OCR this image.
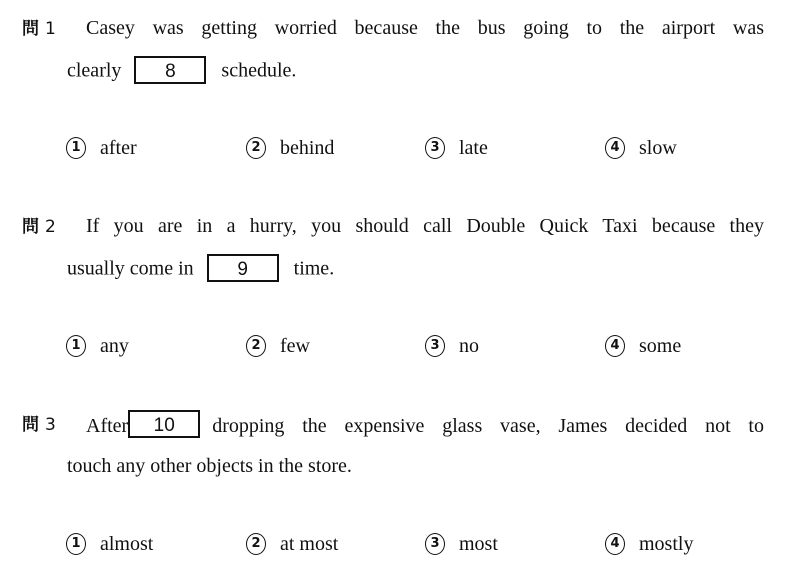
問 1 Casey was getting worried because the bus going to the airport was
clearly 8 schedule.
1 after	2 behind	3 late	4 slow
問 2 If you are in a hurry, you should call Double Quick Taxi because they
usually come in 9 time.
1 any	2 few	3 no	4 some
問 3 After	10	dropping the expensive glass vase, James decided not to
touch any other objects in the store.
1 almost	2 at most	3 most	4 mostly
